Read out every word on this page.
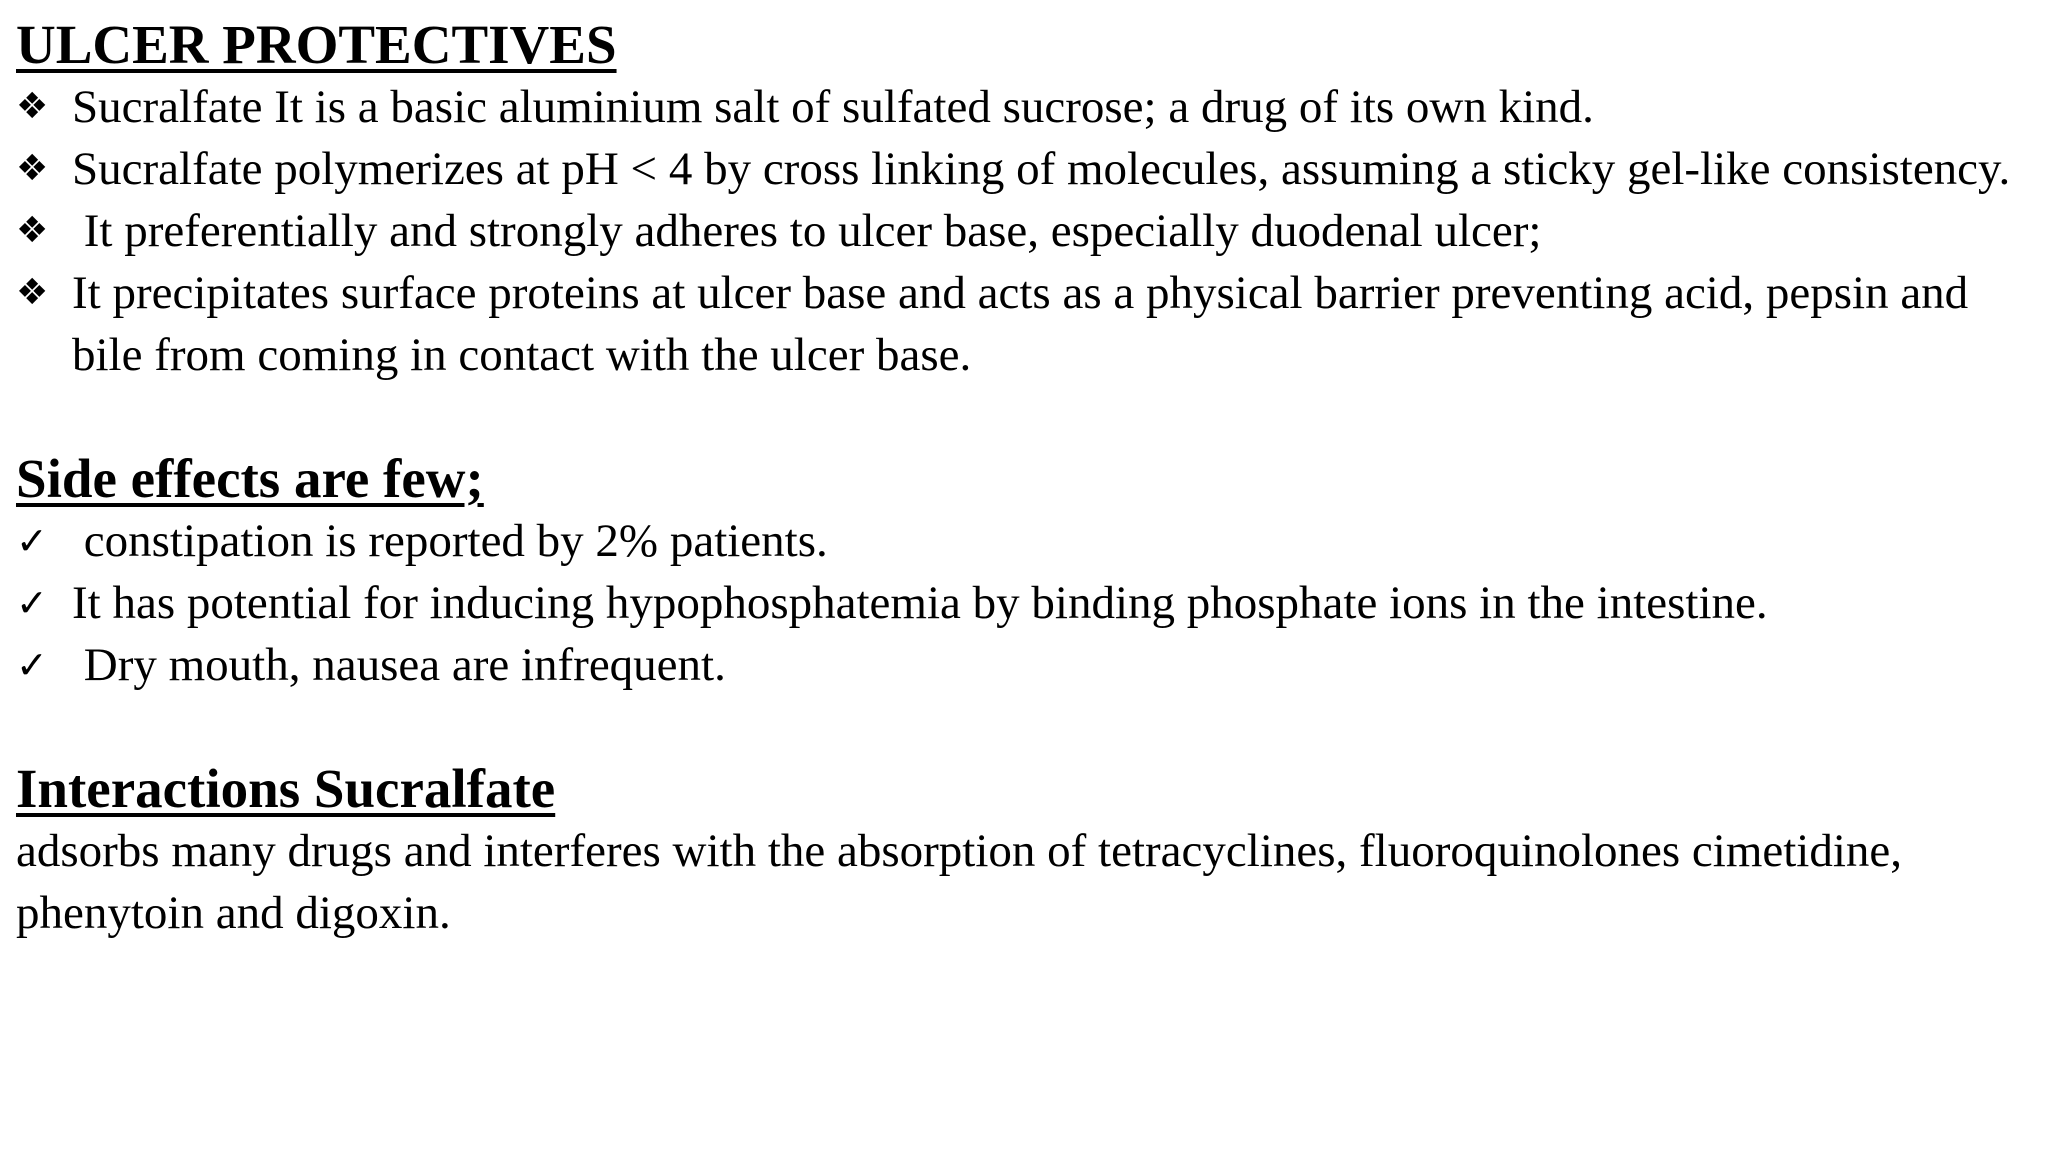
ULCER PROTECTIVES
❖ Sucralfate It is a basic aluminium salt of sulfated sucrose; a drug of its own kind.
❖ Sucralfate polymerizes at pH < 4 by cross linking of molecules, assuming a sticky gel-like consistency.
❖ It preferentially and strongly adheres to ulcer base, especially duodenal ulcer;
❖ It precipitates surface proteins at ulcer base and acts as a physical barrier preventing acid, pepsin and bile from coming in contact with the ulcer base.
Side effects are few;
✓ constipation is reported by 2% patients.
✓ It has potential for inducing hypophosphatemia by binding phosphate ions in the intestine.
✓ Dry mouth, nausea are infrequent.
Interactions Sucralfate

adsorbs many drugs and interferes with the absorption of tetracyclines, fluoroquinolones cimetidine, phenytoin and digoxin.
